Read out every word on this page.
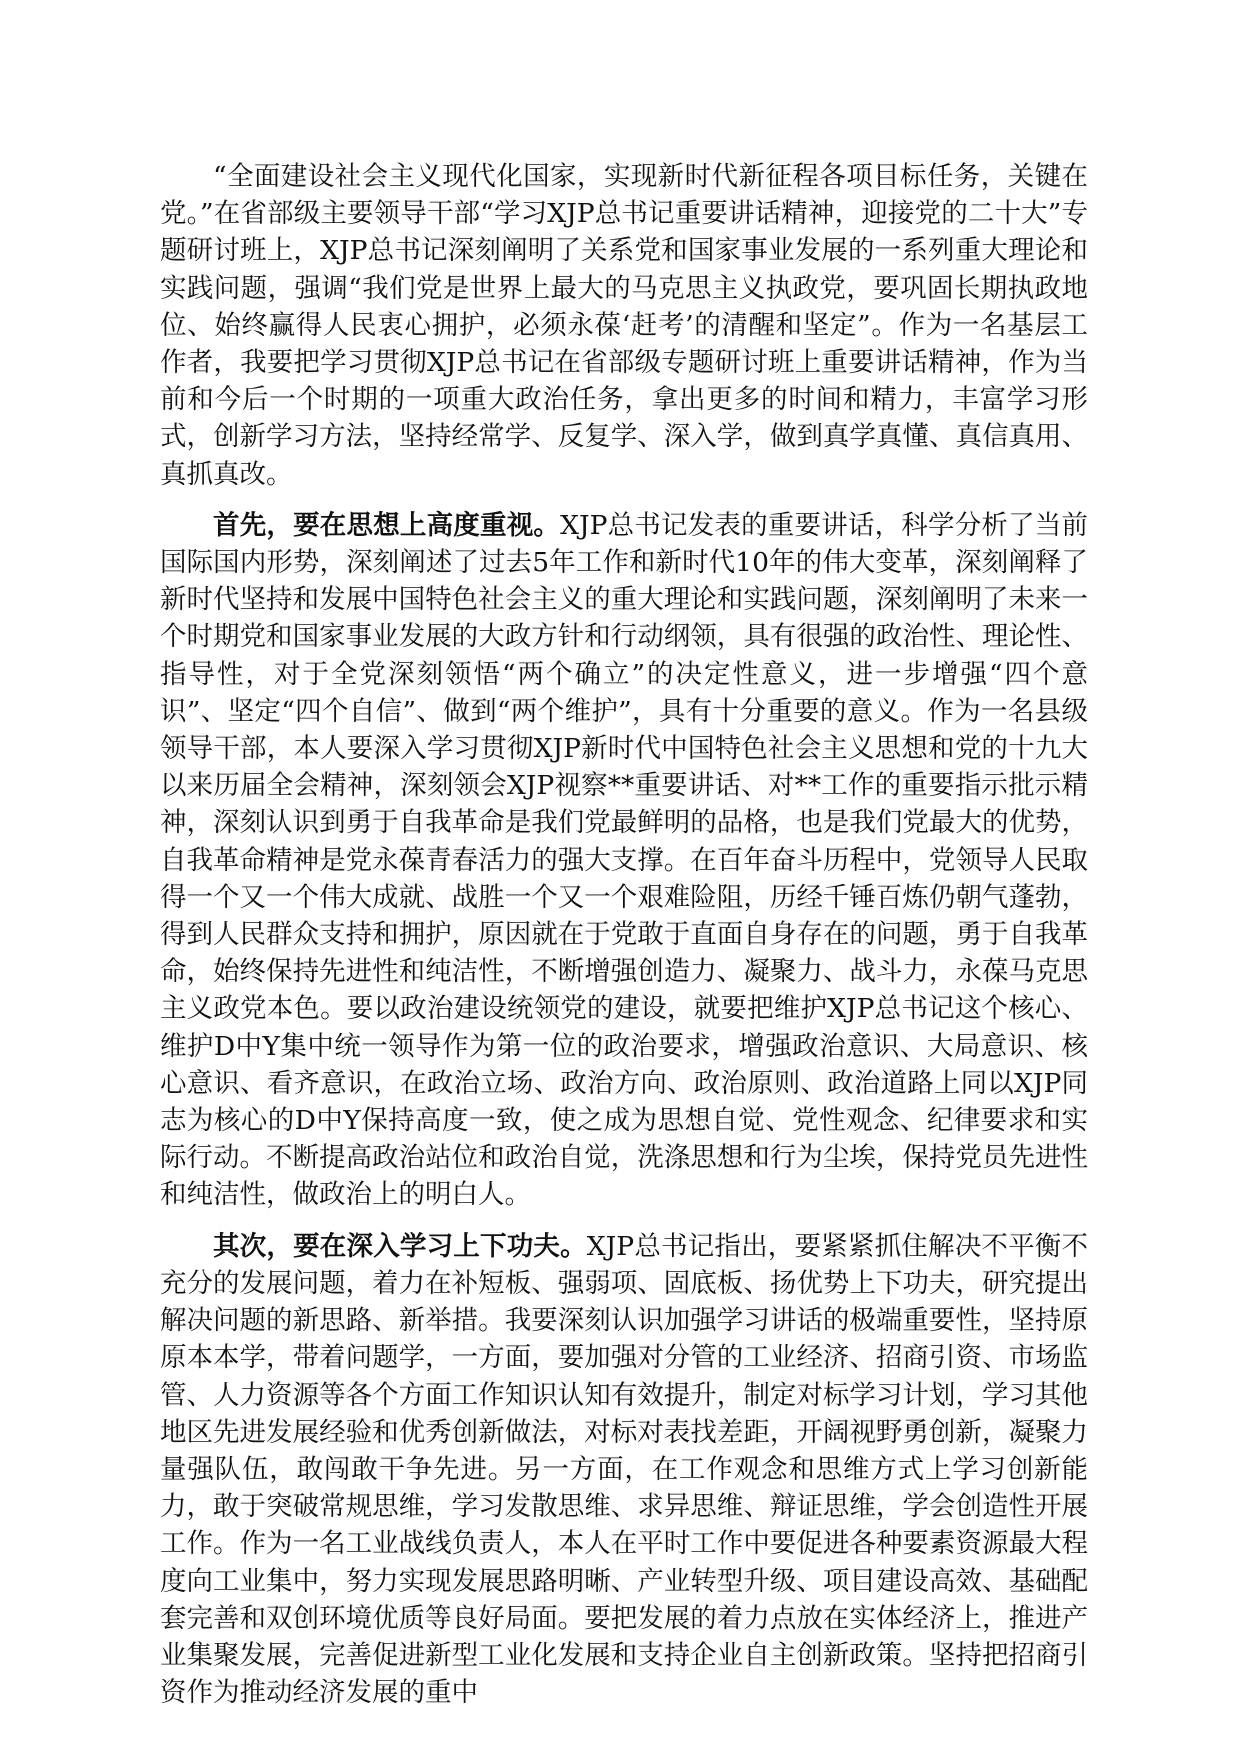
“全面建设社会主义现代化国家，实现新时代新征程各项目标任务，关键在党。”在省部级主要领导干部“学习XJP总书记重要讲话精神，迎接党的二十大”专题研讨班上，XJP总书记深刻阐明了关系党和国家事业发展的一系列重大理论和实践问题，强调“我们党是世界上最大的马克思主义执政党，要巩固长期执政地位、始终赢得人民衷心拥护，必须永葆‘赶考’的清醒和坚定”。作为一名基层工作者，我要把学习贯彻XJP总书记在省部级专题研讨班上重要讲话精神，作为当前和今后一个时期的一项重大政治任务，拿出更多的时间和精力，丰富学习形式，创新学习方法，坚持经常学、反复学、深入学，做到真学真懂、真信真用、真抓真改。

首先，要在思想上高度重视。XJP总书记发表的重要讲话，科学分析了当前国际国内形势，深刻阐述了过去5年工作和新时代10年的伟大变革，深刻阐释了新时代坚持和发展中国特色社会主义的重大理论和实践问题，深刻阐明了未来一个时期党和国家事业发展的大政方针和行动纲领，具有很强的政治性、理论性、指导性，对于全党深刻领悟“两个确立”的决定性意义，进一步增强“四个意识”、坚定“四个自信”、做到“两个维护”，具有十分重要的意义。作为一名县级领导干部，本人要深入学习贯彻XJP新时代中国特色社会主义思想和党的十九大以来历届全会精神，深刻领会XJP视察**重要讲话、对**工作的重要指示批示精神，深刻认识到勇于自我革命是我们党最鲜明的品格，也是我们党最大的优势，自我革命精神是党永葆青春活力的强大支撑。在百年奋斗历程中，党领导人民取得一个又一个伟大成就、战胜一个又一个艰难险阻，历经千锤百炼仍朝气蓬勃，得到人民群众支持和拥护，原因就在于党敢于直面自身存在的问题，勇于自我革命，始终保持先进性和纯洁性，不断增强创造力、凝聚力、战斗力，永葆马克思主义政党本色。要以政治建设统领党的建设，就要把维护XJP总书记这个核心、维护D中Y集中统一领导作为第一位的政治要求，增强政治意识、大局意识、核心意识、看齐意识，在政治立场、政治方向、政治原则、政治道路上同以XJP同志为核心的D中Y保持高度一致，使之成为思想自觉、党性观念、纪律要求和实际行动。不断提高政治站位和政治自觉，洗涤思想和行为尘埃，保持党员先进性和纯洁性，做政治上的明白人。

其次，要在深入学习上下功夫。XJP总书记指出，要紧紧抓住解决不平衡不充分的发展问题，着力在补短板、强弱项、固底板、扬优势上下功夫，研究提出解决问题的新思路、新举措。我要深刻认识加强学习讲话的极端重要性，坚持原原本本学，带着问题学，一方面，要加强对分管的工业经济、招商引资、市场监管、人力资源等各个方面工作知识认知有效提升，制定对标学习计划，学习其他地区先进发展经验和优秀创新做法，对标对表找差距，开阔视野勇创新，凝聚力量强队伍，敢闯敢干争先进。另一方面，在工作观念和思维方式上学习创新能力，敢于突破常规思维，学习发散思维、求异思维、辩证思维，学会创造性开展工作。作为一名工业战线负责人，本人在平时工作中要促进各种要素资源最大程度向工业集中，努力实现发展思路明晰、产业转型升级、项目建设高效、基础配套完善和双创环境优质等良好局面。要把发展的着力点放在实体经济上，推进产业集聚发展，完善促进新型工业化发展和支持企业自主创新政策。坚持把招商引资作为推动经济发展的重中
